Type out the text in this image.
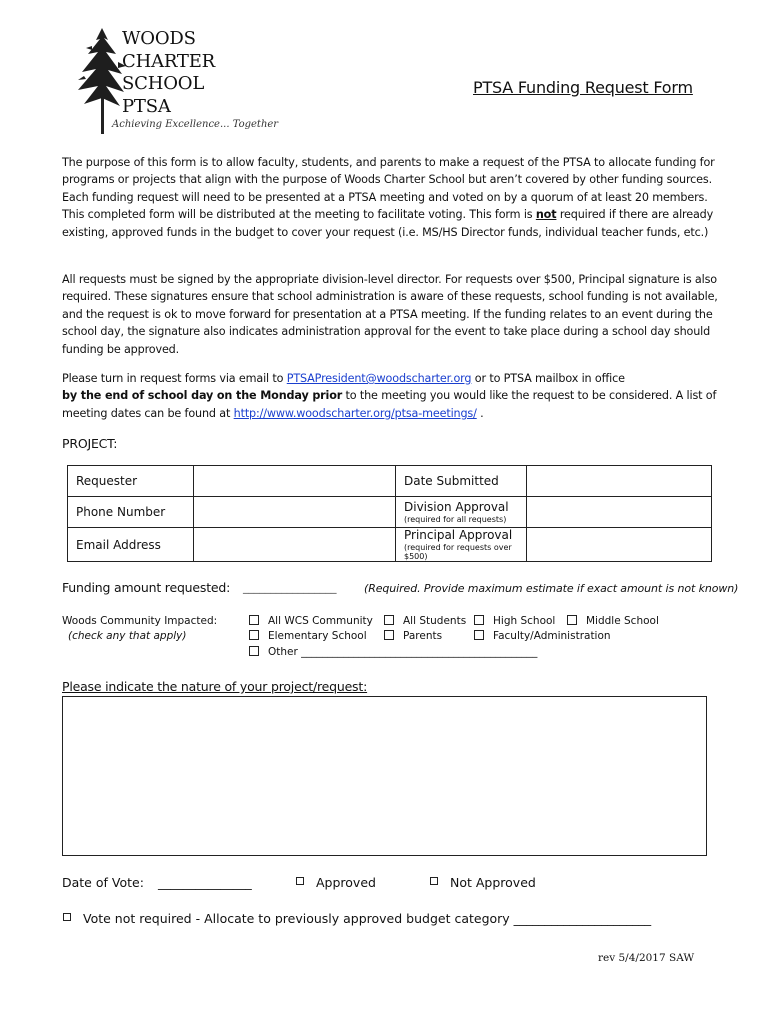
WOODS
CHARTER
SCHOOL
PTSA
Achieving Excellence... Together
PTSA Funding Request Form
The purpose of this form is to allow faculty, students, and parents to make a request of the PTSA to allocate funding for programs or projects that align with the purpose of Woods Charter School but aren’t covered by other funding sources. Each funding request will need to be presented at a PTSA meeting and voted on by a quorum of at least 20 members. This completed form will be distributed at the meeting to facilitate voting. This form is not required if there are already existing, approved funds in the budget to cover your request (i.e. MS/HS Director funds, individual teacher funds, etc.)
All requests must be signed by the appropriate division-level director. For requests over $500, Principal signature is also required. These signatures ensure that school administration is aware of these requests, school funding is not available, and the request is ok to move forward for presentation at a PTSA meeting. If the funding relates to an event during the school day, the signature also indicates administration approval for the event to take place during a school day should funding be approved.
Please turn in request forms via email to PTSAPresident@woodscharter.org or to PTSA mailbox in office
by the end of school day on the Monday prior to the meeting you would like the request to be considered. A list of meeting dates can be found at http://www.woodscharter.org/ptsa-meetings/ .
PROJECT:
Requester		Date Submitted	
Phone Number		Division Approval
(required for all requests)	

Email Address		Principal Approval
(required for requests over $500)	

Funding amount requested: _________________	(Required. Provide maximum estimate if exact amount is not known)
Woods Community Impacted:
(check any that apply)
All WCS Community	All Students	High School	Middle School
Elementary School	Parents	Faculty/Administration
Other _____________________________________________
Please indicate the nature of your project/request:
Date of Vote: _______________	Approved	Not Approved
Vote not required - Allocate to previously approved budget category ______________________
rev 5/4/2017 SAW
